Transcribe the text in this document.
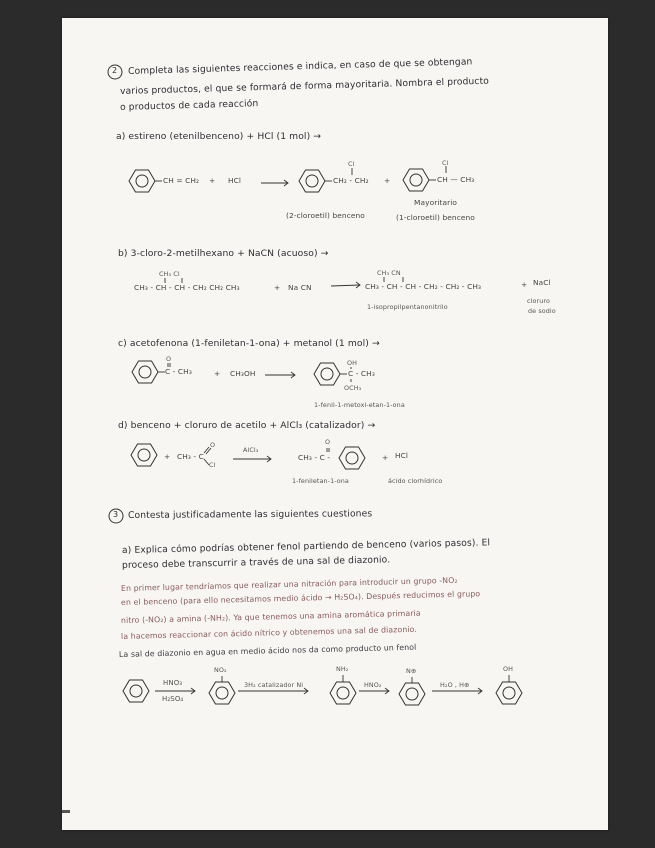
2 Completa las siguientes reacciones e indica, en caso de que se obtengan

varios productos, el que se formará de forma mayoritaria. Nombra el producto

o productos de cada reacción

a) estireno (etenilbenceno) + HCl (1 mol) →

CH = CH₂ + HCl

Cl

CH₂ - CH₂ +

Cl

CH — CH₃

Mayoritario

(2-cloroetil) benceno	(1-cloroetil) benceno

b) 3-cloro-2-metilhexano + NaCN (acuoso) →

CH₃ Cl

CH₃ - CH - CH - CH₂ CH₂ CH₃	+ Na CN

CH₃ CN

CH₃ - CH - CH - CH₂ - CH₂ - CH₃	+ NaCl

1-isopropilpentanonitrilo

cloruro

de sodio

c) acetofenona (1-feniletan-1-ona) + metanol (1 mol) →

O

C - CH₃	+ CH₃OH

OH

C - CH₃

OCH₃

1-fenil-1-metoxi-etan-1-ona

d) benceno + cloruro de acetilo + AlCl₃ (catalizador) →

+ CH₃ - C

O

Cl

AlCl₃

O

CH₃ - C -	+ HCl

1-feniletan-1-ona	ácido clorhídrico

3 Contesta justificadamente las siguientes cuestiones

a) Explica cómo podrías obtener fenol partiendo de benceno (varios pasos). El

proceso debe transcurrir a través de una sal de diazonio.

En primer lugar tendríamos que realizar una nitración para introducir un grupo -NO₂

en el benceno (para ello necesitamos medio ácido → H₂SO₄). Después reducimos el grupo

nitro (-NO₂) a amina (-NH₂). Ya que tenemos una amina aromática primaria

la hacemos reaccionar con ácido nítrico y obtenemos una sal de diazonio.

La sal de diazonio en agua en medio ácido nos da como producto un fenol

HNO₃

H₂SO₄

NO₂

3H₂ catalizador Ni

NH₂

HNO₂

N⊕

H₂O , H⊕

OH
